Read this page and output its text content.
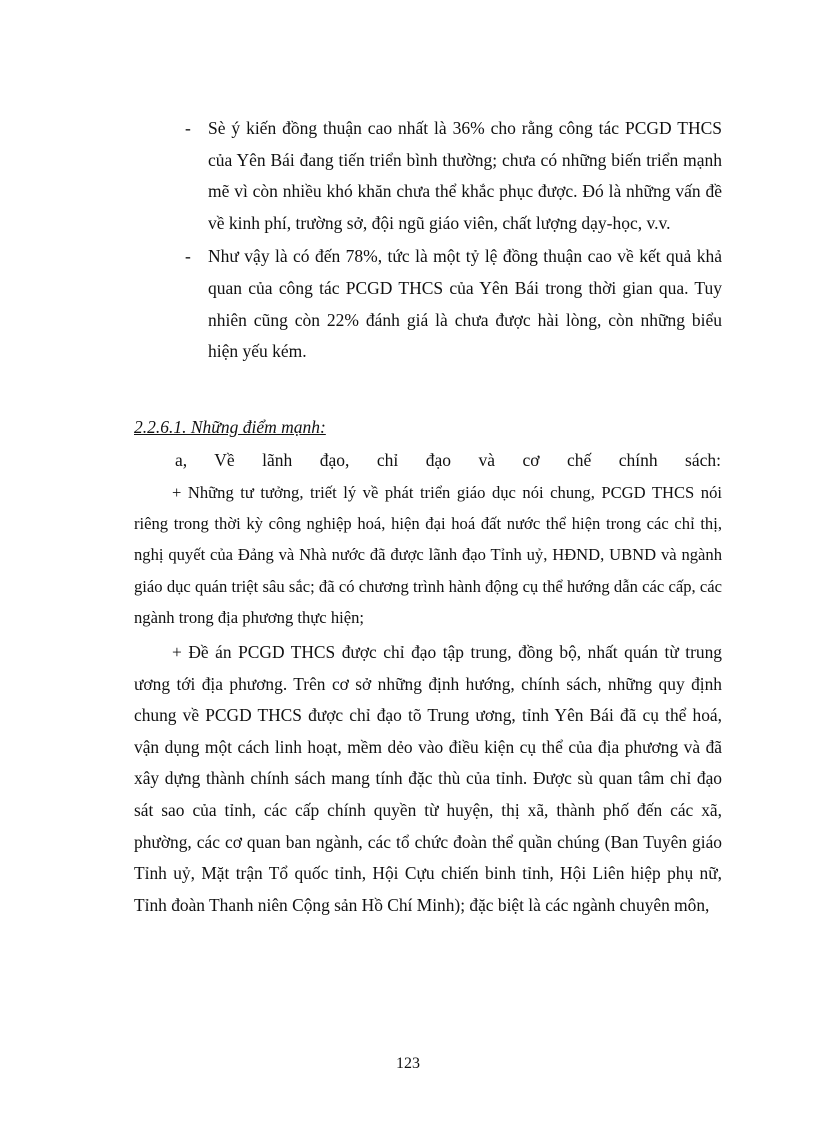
- Sè ý kiến đồng thuận cao nhất là 36% cho rằng công tác PCGD THCS của Yên Bái đang tiến triển bình thường; chưa có những biến triển mạnh mẽ vì còn nhiều khó khăn chưa thể khắc phục được. Đó là những vấn đề về kinh phí, trường sở, đội ngũ giáo viên, chất lượng dạy-học, v.v.
- Như vậy là có đến 78%, tức là một tỷ lệ đồng thuận cao về kết quả khả quan của công tác PCGD THCS của Yên Bái trong thời gian qua. Tuy nhiên cũng còn 22% đánh giá là chưa được hài lòng, còn những biểu hiện yếu kém.
2.2.6.1. Những điểm mạnh:
a, Về lãnh đạo, chỉ đạo và cơ chế chính sách:
+ Những tư tưởng, triết lý về phát triển giáo dục nói chung, PCGD THCS nói riêng trong thời kỳ công nghiệp hoá, hiện đại hoá đất nước thể hiện trong các chỉ thị, nghị quyết của Đảng và Nhà nước đã được lãnh đạo Tỉnh uỷ, HĐND, UBND và ngành giáo dục quán triệt sâu sắc; đã có chương trình hành động cụ thể hướng dẫn các cấp, các ngành trong địa phương thực hiện;
+ Đề án PCGD THCS được chỉ đạo tập trung, đồng bộ, nhất quán từ trung ương tới địa phương. Trên cơ sở những định hướng, chính sách, những quy định chung về PCGD THCS được chỉ đạo tõ Trung ương, tỉnh Yên Bái đã cụ thể hoá, vận dụng một cách linh hoạt, mềm dẻo vào điều kiện cụ thể của địa phương và đã xây dựng thành chính sách mang tính đặc thù của tỉnh. Được sù quan tâm chỉ đạo sát sao của tỉnh, các cấp chính quyền từ huyện, thị xã, thành phố đến các xã, phường, các cơ quan ban ngành, các tổ chức đoàn thể quần chúng (Ban Tuyên giáo Tỉnh uỷ, Mặt trận Tổ quốc tỉnh, Hội Cựu chiến binh tỉnh, Hội Liên hiệp phụ nữ, Tỉnh đoàn Thanh niên Cộng sản Hồ Chí Minh); đặc biệt là các ngành chuyên môn,
123
